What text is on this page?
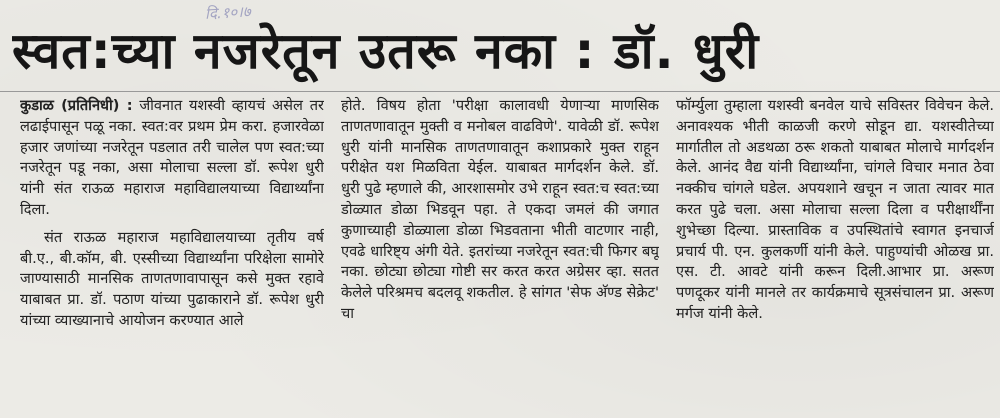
दि.१०।७
स्वत:च्या नजरेतून उतरू नका : डॉ. धुरी

कुडाळ (प्रतिनिधी) : जीवनात यशस्वी व्हायचं असेल तर लढाईपासून पळू नका. स्वत:वर प्रथम प्रेम करा. हजारवेळा हजार जणांच्या नजरेतून पडलात तरी चालेल पण स्वत:च्या नजरेतून पडू नका, असा मोलाचा सल्ला डॉ. रूपेश धुरी यांनी संत राऊळ महाराज महाविद्यालयाच्या विद्यार्थ्यांना दिला.

संत राऊळ महाराज महाविद्यालयाच्या तृतीय वर्ष बी.ए., बी.कॉम, बी. एस्सीच्या विद्यार्थ्यांना परिक्षेला सामोरे जाण्यासाठी मानसिक ताणतणावापासून कसे मुक्त रहावे याबाबत प्रा. डॉ. पठाण यांच्या पुढाकाराने डॉ. रूपेश धुरी यांच्या व्याख्यानाचे आयोजन करण्यात आले

होते. विषय होता 'परीक्षा कालावधी येणाऱ्या माणसिक ताणतणावातून मुक्ती व मनोबल वाढविणे'. यावेळी डॉ. रूपेश धुरी यांनी मानसिक ताणतणावातून कशाप्रकारे मुक्त राहून परीक्षेत यश मिळविता येईल. याबाबत मार्गदर्शन केले. डॉ. धुरी पुढे म्हणाले की, आरशासमोर उभे राहून स्वत:च स्वत:च्या डोळ्यात डोळा भिडवून पहा. ते एकदा जमलं की जगात कुणाच्याही डोळ्याला डोळा भिडवताना भीती वाटणार नाही, एवढे धारिष्ट्य अंगी येते. इतरांच्या नजरेतून स्वत:ची फिगर बघू नका. छोट्या छोट्या गोष्टी सर करत करत अग्रेसर व्हा. सतत केलेले परिश्रमच बदलवू शकतील. हे सांगत 'सेफ अ‍ॅण्ड सेक्रेट' चा

फॉर्म्युला तुम्हाला यशस्वी बनवेल याचे सविस्तर विवेचन केले. अनावश्यक भीती काळजी करणे सोडून द्या. यशस्वीतेच्या मार्गातील तो अडथळा ठरू शकतो याबाबत मोलाचे मार्गदर्शन केले. आनंद वैद्य यांनी विद्यार्थ्यांना, चांगले विचार मनात ठेवा नक्कीच चांगले घडेल. अपयशाने खचून न जाता त्यावर मात करत पुढे चला. असा मोलाचा सल्ला दिला व परीक्षार्थींना शुभेच्छा दिल्या. प्रास्ताविक व उपस्थितांचे स्वागत इनचार्ज प्रचार्य पी. एन. कुलकर्णी यांनी केले. पाहुण्यांची ओळख प्रा. एस. टी. आवटे यांनी करून दिली.आभार प्रा. अरूण पणदूकर यांनी मानले तर कार्यक्रमाचे सूत्रसंचालन प्रा. अरूण मर्गज यांनी केले.
